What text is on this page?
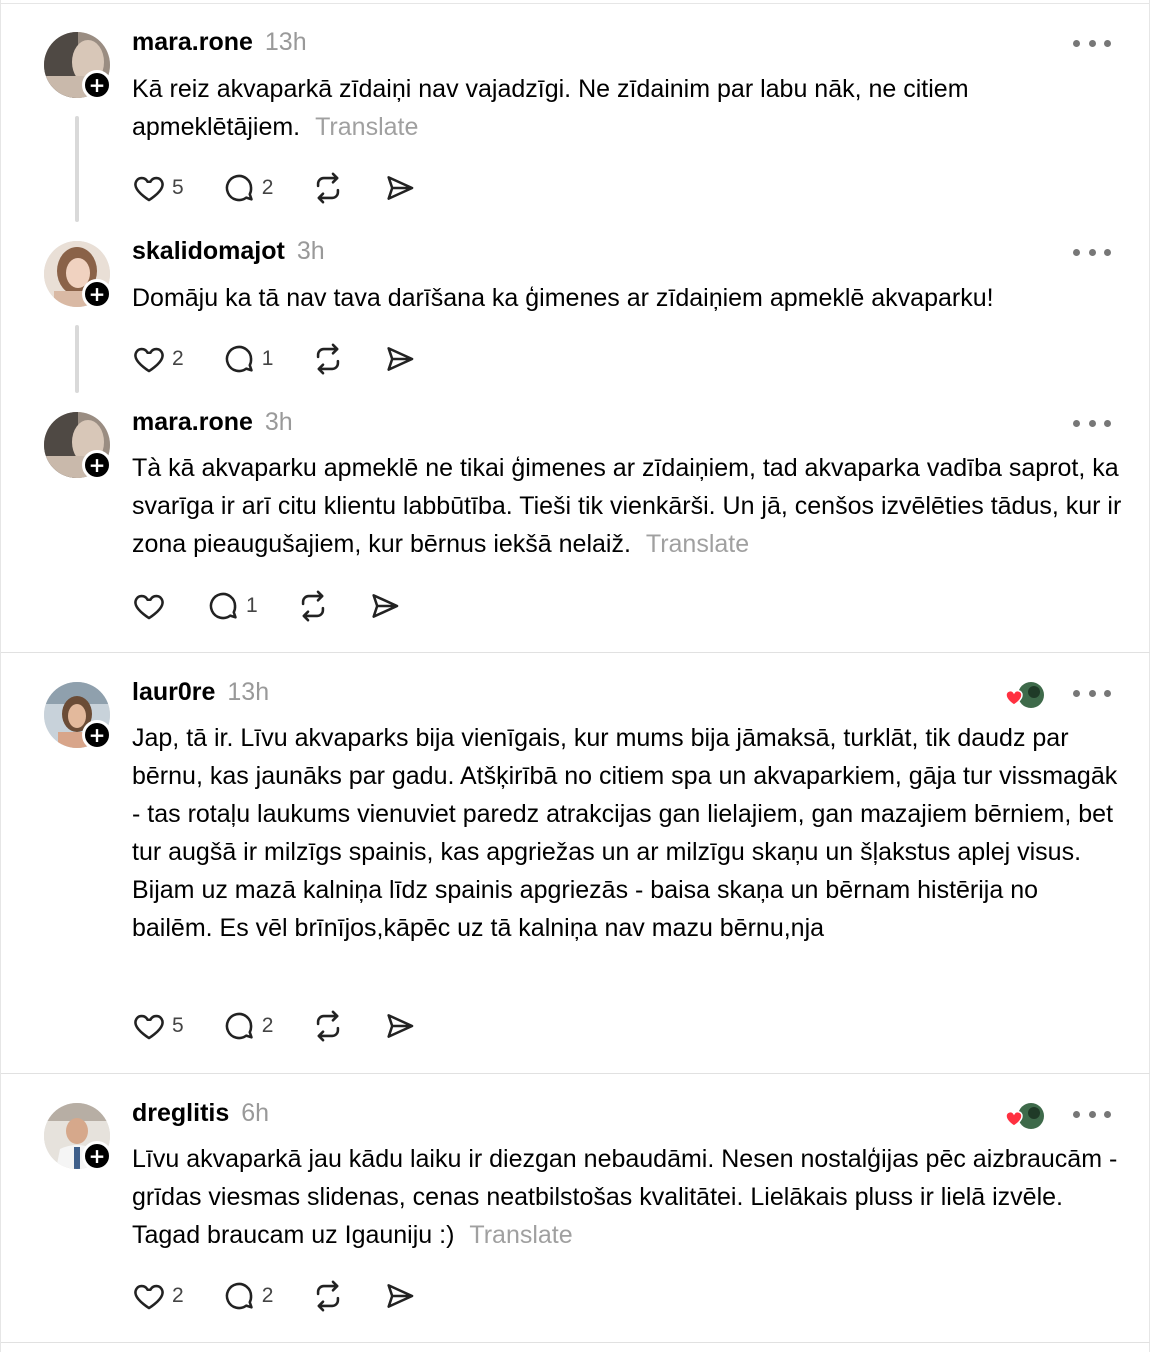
+
mara.rone 13h
Kā reiz akvaparkā zīdaiņi nav vajadzīgi. Ne zīdainim par labu nāk, ne citiem apmeklētājiem. Translate
5	2
+
skalidomajot 3h
Domāju ka tā nav tava darīšana ka ģimenes ar zīdaiņiem apmeklē akvaparku!
2	1
+
mara.rone 3h
Tà kā akvaparku apmeklē ne tikai ģimenes ar zīdaiņiem, tad akvaparka vadība saprot, ka svarīga ir arī citu klientu labbūtība. Tieši tik vienkārši. Un jā, cenšos izvēlēties tādus, kur ir zona pieaugušajiem, kur bērnus iekšā nelaiž. Translate
1
+
laur0re 13h
Jap, tā ir. Līvu akvaparks bija vienīgais, kur mums bija jāmaksā, turklāt, tik daudz par bērnu, kas jaunāks par gadu. Atšķirībā no citiem spa un akvaparkiem, gāja tur vissmagāk - tas rotaļu laukums vienuviet paredz atrakcijas gan lielajiem, gan mazajiem bērniem, bet tur augšā ir milzīgs spainis, kas apgriežas un ar milzīgu skaņu un šļakstus aplej visus. Bijam uz mazā kalniņa līdz spainis apgriezās - baisa skaņa un bērnam histērija no bailēm. Es vēl brīnījos,kāpēc uz tā kalniņa nav mazu bērnu,nja
5	2
+
dreglitis 6h
Līvu akvaparkā jau kādu laiku ir diezgan nebaudāmi. Nesen nostalģijas pēc aizbraucām - grīdas viesmas slidenas, cenas neatbilstošas kvalitātei. Lielākais pluss ir lielā izvēle. Tagad braucam uz Igauniju :) Translate
2	2
